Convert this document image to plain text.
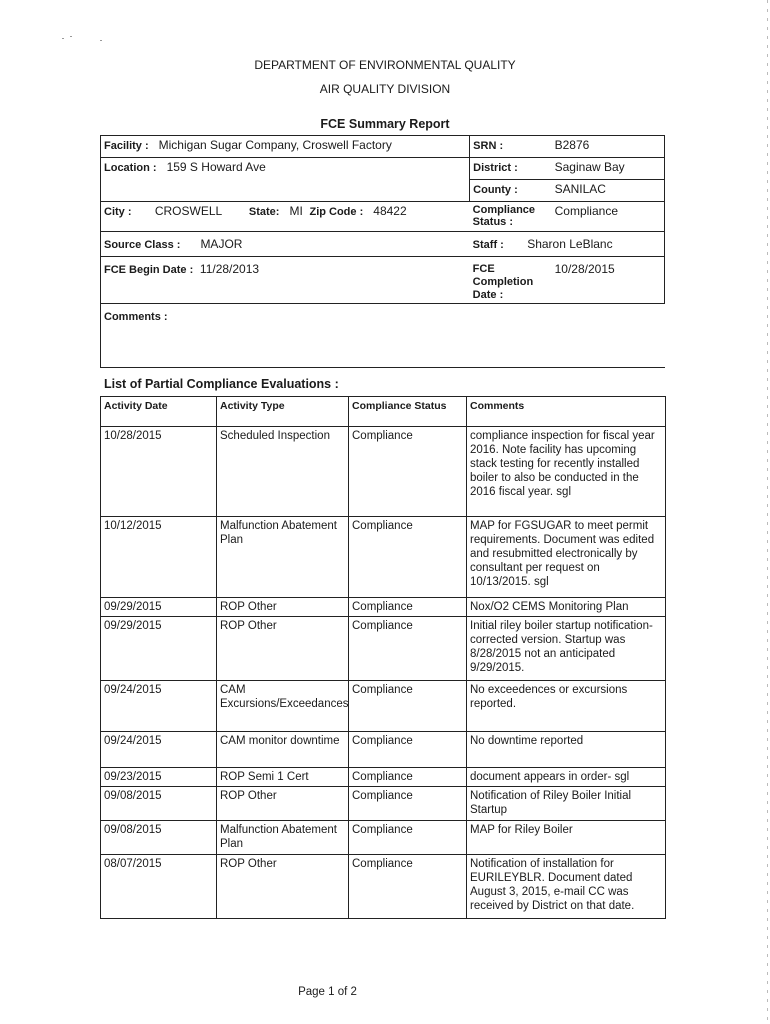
DEPARTMENT OF ENVIRONMENTAL QUALITY
AIR QUALITY DIVISION
FCE Summary Report
Facility : Michigan Sugar Company, Croswell Factory	SRN :	B2876
Location : 159 S Howard Ave	District :	Saginaw Bay
	County :	SANILAC
City : CROSWELL State: MI Zip Code : 48422	Compliance Status :	Compliance
Source Class : MAJOR	Staff : Sharon LeBlanc	
FCE Begin Date : 11/28/2013	FCE Completion Date :	10/28/2015
Comments :		
List of Partial Compliance Evaluations :
Activity Date	Activity Type	Compliance Status	Comments
10/28/2015	Scheduled Inspection	Compliance	compliance inspection for fiscal year 2016. Note facility has upcoming stack testing for recently installed boiler to also be conducted in the 2016 fiscal year. sgl
10/12/2015	Malfunction Abatement Plan	Compliance	MAP for FGSUGAR to meet permit requirements. Document was edited and resubmitted electronically by consultant per request on 10/13/2015. sgl
09/29/2015	ROP Other	Compliance	Nox/O2 CEMS Monitoring Plan
09/29/2015	ROP Other	Compliance	Initial riley boiler startup notification- corrected version. Startup was 8/28/2015 not an anticipated 9/29/2015.
09/24/2015	CAM Excursions/Exceedances	Compliance	No exceedences or excursions reported.
09/24/2015	CAM monitor downtime	Compliance	No downtime reported
09/23/2015	ROP Semi 1 Cert	Compliance	document appears in order- sgl
09/08/2015	ROP Other	Compliance	Notification of Riley Boiler Initial Startup
09/08/2015	Malfunction Abatement Plan	Compliance	MAP for Riley Boiler
08/07/2015	ROP Other	Compliance	Notification of installation for EURILEYBLR. Document dated August 3, 2015, e-mail CC was received by District on that date.
Page 1 of 2
